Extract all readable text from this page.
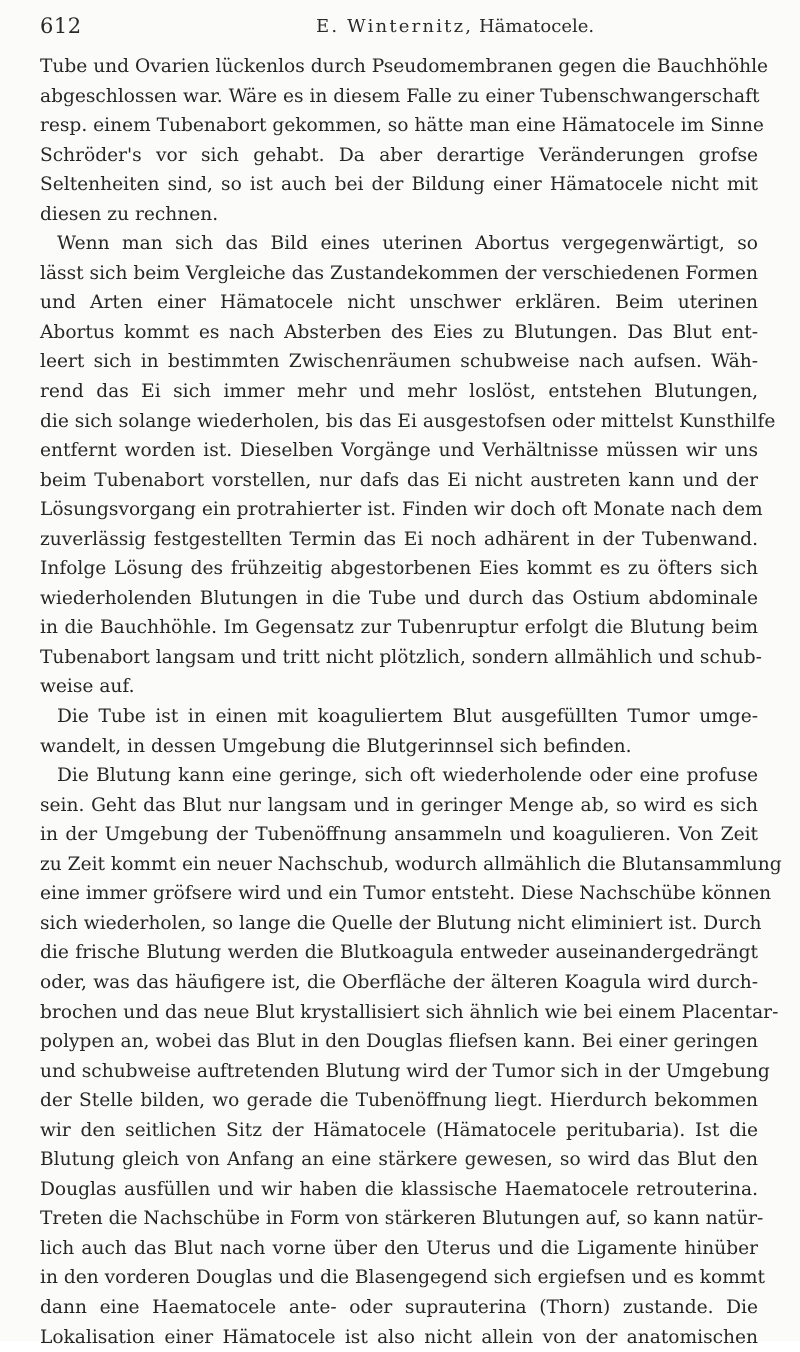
612	E. Winternitz, Hämatocele.
Tube und Ovarien lückenlos durch Pseudomembranen gegen die Bauchhöhle
abgeschlossen war. Wäre es in diesem Falle zu einer Tubenschwangerschaft
resp. einem Tubenabort gekommen, so hätte man eine Hämatocele im Sinne
Schröder's vor sich gehabt. Da aber derartige Veränderungen grofse
Seltenheiten sind, so ist auch bei der Bildung einer Hämatocele nicht mit
diesen zu rechnen.
Wenn man sich das Bild eines uterinen Abortus vergegenwärtigt, so
lässt sich beim Vergleiche das Zustandekommen der verschiedenen Formen
und Arten einer Hämatocele nicht unschwer erklären. Beim uterinen
Abortus kommt es nach Absterben des Eies zu Blutungen. Das Blut ent-
leert sich in bestimmten Zwischenräumen schubweise nach aufsen. Wäh-
rend das Ei sich immer mehr und mehr loslöst, entstehen Blutungen,
die sich solange wiederholen, bis das Ei ausgestofsen oder mittelst Kunsthilfe
entfernt worden ist. Dieselben Vorgänge und Verhältnisse müssen wir uns
beim Tubenabort vorstellen, nur dafs das Ei nicht austreten kann und der
Lösungsvorgang ein protrahierter ist. Finden wir doch oft Monate nach dem
zuverlässig festgestellten Termin das Ei noch adhärent in der Tubenwand.
Infolge Lösung des frühzeitig abgestorbenen Eies kommt es zu öfters sich
wiederholenden Blutungen in die Tube und durch das Ostium abdominale
in die Bauchhöhle. Im Gegensatz zur Tubenruptur erfolgt die Blutung beim
Tubenabort langsam und tritt nicht plötzlich, sondern allmählich und schub-
weise auf.
Die Tube ist in einen mit koaguliertem Blut ausgefüllten Tumor umge-
wandelt, in dessen Umgebung die Blutgerinnsel sich befinden.
Die Blutung kann eine geringe, sich oft wiederholende oder eine profuse
sein. Geht das Blut nur langsam und in geringer Menge ab, so wird es sich
in der Umgebung der Tubenöffnung ansammeln und koagulieren. Von Zeit
zu Zeit kommt ein neuer Nachschub, wodurch allmählich die Blutansammlung
eine immer gröfsere wird und ein Tumor entsteht. Diese Nachschübe können
sich wiederholen, so lange die Quelle der Blutung nicht eliminiert ist. Durch
die frische Blutung werden die Blutkoagula entweder auseinandergedrängt
oder, was das häufigere ist, die Oberfläche der älteren Koagula wird durch-
brochen und das neue Blut krystallisiert sich ähnlich wie bei einem Placentar-
polypen an, wobei das Blut in den Douglas fliefsen kann. Bei einer geringen
und schubweise auftretenden Blutung wird der Tumor sich in der Umgebung
der Stelle bilden, wo gerade die Tubenöffnung liegt. Hierdurch bekommen
wir den seitlichen Sitz der Hämatocele (Hämatocele peritubaria). Ist die
Blutung gleich von Anfang an eine stärkere gewesen, so wird das Blut den
Douglas ausfüllen und wir haben die klassische Haematocele retrouterina.
Treten die Nachschübe in Form von stärkeren Blutungen auf, so kann natür-
lich auch das Blut nach vorne über den Uterus und die Ligamente hinüber
in den vorderen Douglas und die Blasengegend sich ergiefsen und es kommt
dann eine Haematocele ante- oder suprauterina (Thorn) zustande. Die
Lokalisation einer Hämatocele ist also nicht allein von der anatomischen
